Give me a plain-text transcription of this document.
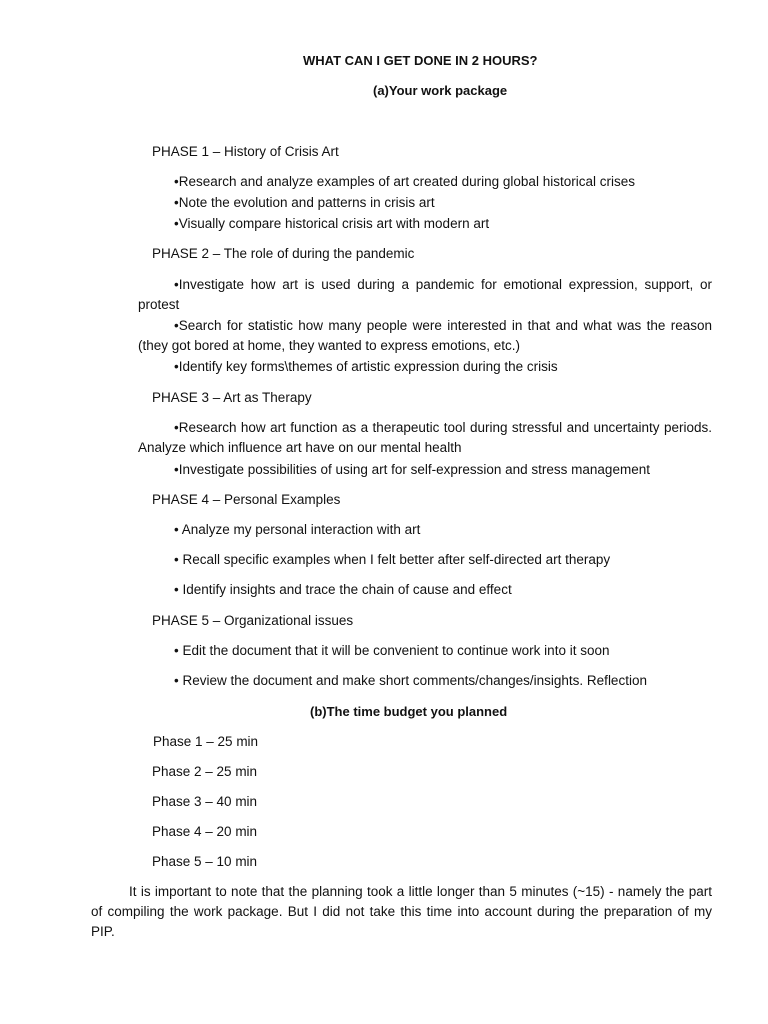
WHAT CAN I GET DONE IN 2 HOURS?
(a)Your work package
PHASE 1 – History of Crisis Art
•Research and analyze examples of art created during global historical crises
•Note the evolution and patterns in crisis art
•Visually compare historical crisis art with modern art
PHASE 2 – The role of during the pandemic
•Investigate how art is used during a pandemic for emotional expression, support, or protest
•Search for statistic how many people were interested in that and what was the reason (they got bored at home, they wanted to express emotions, etc.)
•Identify key forms\themes of artistic expression during the crisis
PHASE 3 – Art as Therapy
•Research how art function as a therapeutic tool during stressful and uncertainty periods. Analyze which influence art have on our mental health
•Investigate possibilities of using art for self-expression and stress management
PHASE 4 – Personal Examples
• Analyze my personal interaction with art
• Recall specific examples when I felt better after self-directed art therapy
• Identify insights and trace the chain of cause and effect
PHASE 5 – Organizational issues
• Edit the document that it will be convenient to continue work into it soon
• Review the document and make short comments/changes/insights. Reflection
(b)The time budget you planned
Phase 1 – 25 min
Phase 2 – 25 min
Phase 3 – 40 min
Phase 4 – 20 min
Phase 5 – 10 min
It is important to note that the planning took a little longer than 5 minutes (~15) - namely the part of compiling the work package. But I did not take this time into account during the preparation of my PIP.
